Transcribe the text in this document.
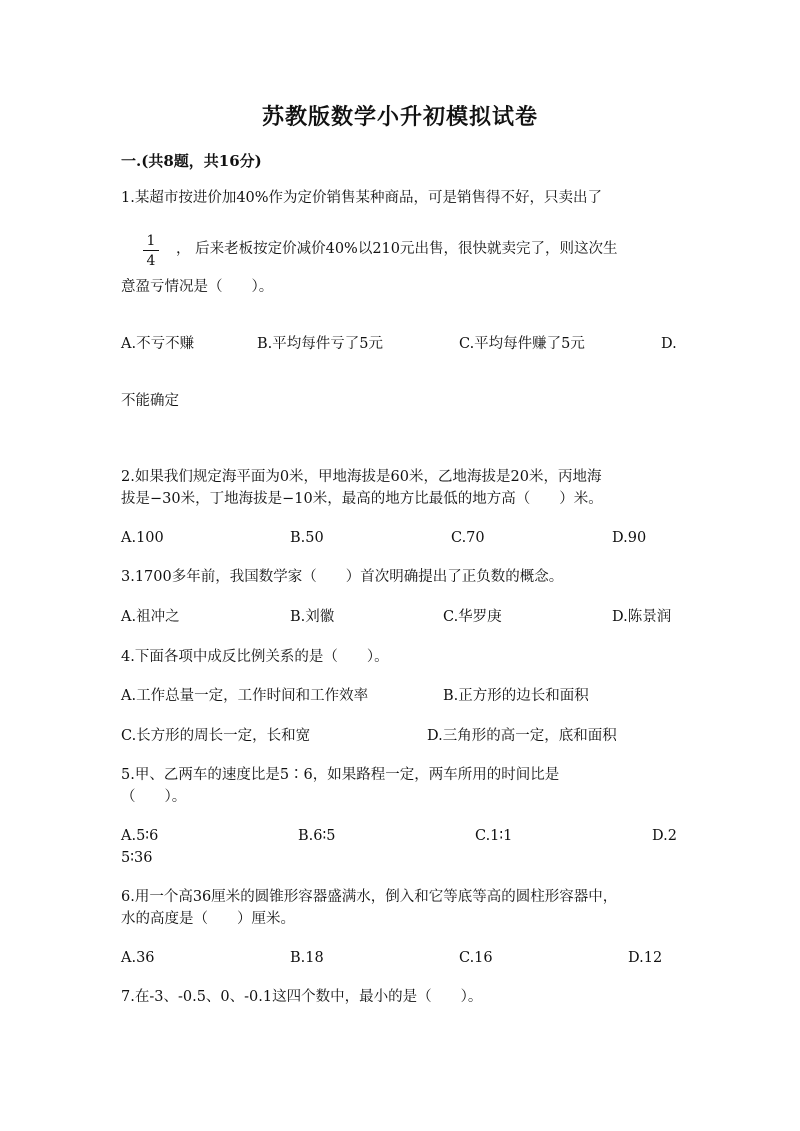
苏教版数学小升初模拟试卷
一.(共8题，共16分)
1.某超市按进价加40%作为定价销售某种商品，可是销售得不好，只卖出了
1
4
， 后来老板按定价减价40%以210元出售，很快就卖完了，则这次生
意盈亏情况是（　　）。
A.不亏不赚	B.平均每件亏了5元	C.平均每件赚了5元	D.
不能确定
2.如果我们规定海平面为0米，甲地海拔是60米，乙地海拔是20米，丙地海
拔是−30米，丁地海拔是−10米，最高的地方比最低的地方高（　　）米。
A.100	B.50	C.70	D.90
3.1700多年前，我国数学家（　　）首次明确提出了正负数的概念。
A.祖冲之	B.刘徽	C.华罗庚	D.陈景润
4.下面各项中成反比例关系的是（　　）。
A.工作总量一定，工作时间和工作效率	B.正方形的边长和面积
C.长方形的周长一定，长和宽	D.三角形的高一定，底和面积
5.甲、乙两车的速度比是5∶6，如果路程一定，两车所用的时间比是
（　　）。
A.5∶6	B.6∶5	C.1∶1	D.2
5∶36
6.用一个高36厘米的圆锥形容器盛满水，倒入和它等底等高的圆柱形容器中，
水的高度是（　　）厘米。
A.36	B.18	C.16	D.12
7.在-3、-0.5、0、-0.1这四个数中，最小的是（　　）。
